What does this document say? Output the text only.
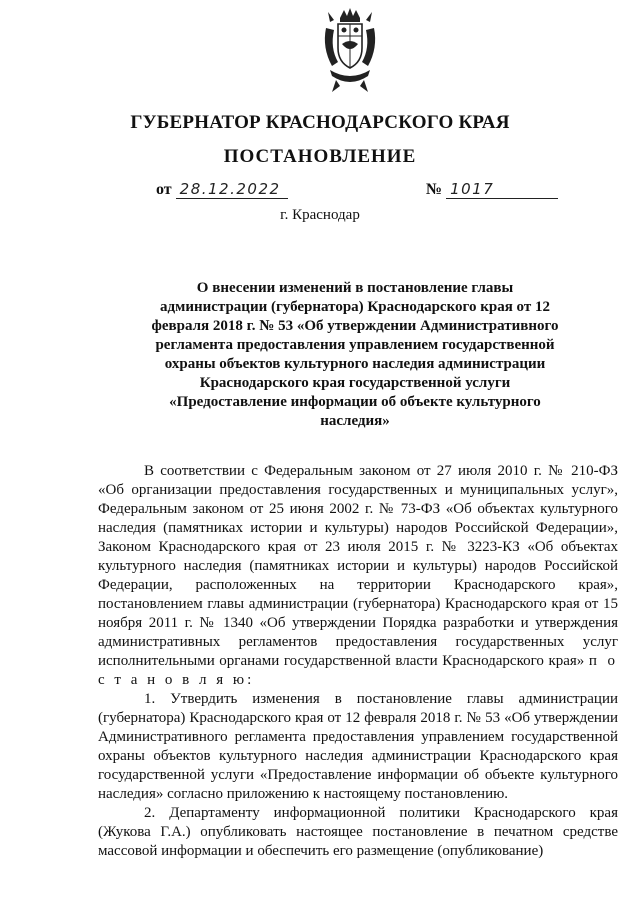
ГУБЕРНАТОР КРАСНОДАРСКОГО КРАЯ
ПОСТАНОВЛЕНИЕ
от 28.12.2022	№ 1017
г. Краснодар
О внесении изменений в постановление главы администрации (губернатора) Краснодарского края от 12 февраля 2018 г. № 53 «Об утверждении Административного регламента предоставления управлением государственной охраны объектов культурного наследия администрации Краснодарского края государственной услуги «Предоставление информации об объекте культурного наследия»

В соответствии с Федеральным законом от 27 июля 2010 г. № 210-ФЗ «Об организации предоставления государственных и муниципальных услуг», Федеральным законом от 25 июня 2002 г. № 73-ФЗ «Об объектах культурного наследия (памятниках истории и культуры) народов Российской Федерации», Законом Краснодарского края от 23 июля 2015 г. № 3223-КЗ «Об объектах культурного наследия (памятниках истории и культуры) народов Российской Федерации, расположенных на территории Краснодарского края», постановлением главы администрации (губернатора) Краснодарского края от 15 ноября 2011 г. № 1340 «Об утверждении Порядка разработки и утверждения административных регламентов предоставления государственных услуг исполнительными органами государственной власти Краснодарского края» п о с т а н о в л я ю:

1. Утвердить изменения в постановление главы администрации (губернатора) Краснодарского края от 12 февраля 2018 г. № 53 «Об утверждении Административного регламента предоставления управлением государственной охраны объектов культурного наследия администрации Краснодарского края государственной услуги «Предоставление информации об объекте культурного наследия» согласно приложению к настоящему постановлению.

2. Департаменту информационной политики Краснодарского края (Жукова Г.А.) опубликовать настоящее постановление в печатном средстве массовой информации и обеспечить его размещение (опубликование)
